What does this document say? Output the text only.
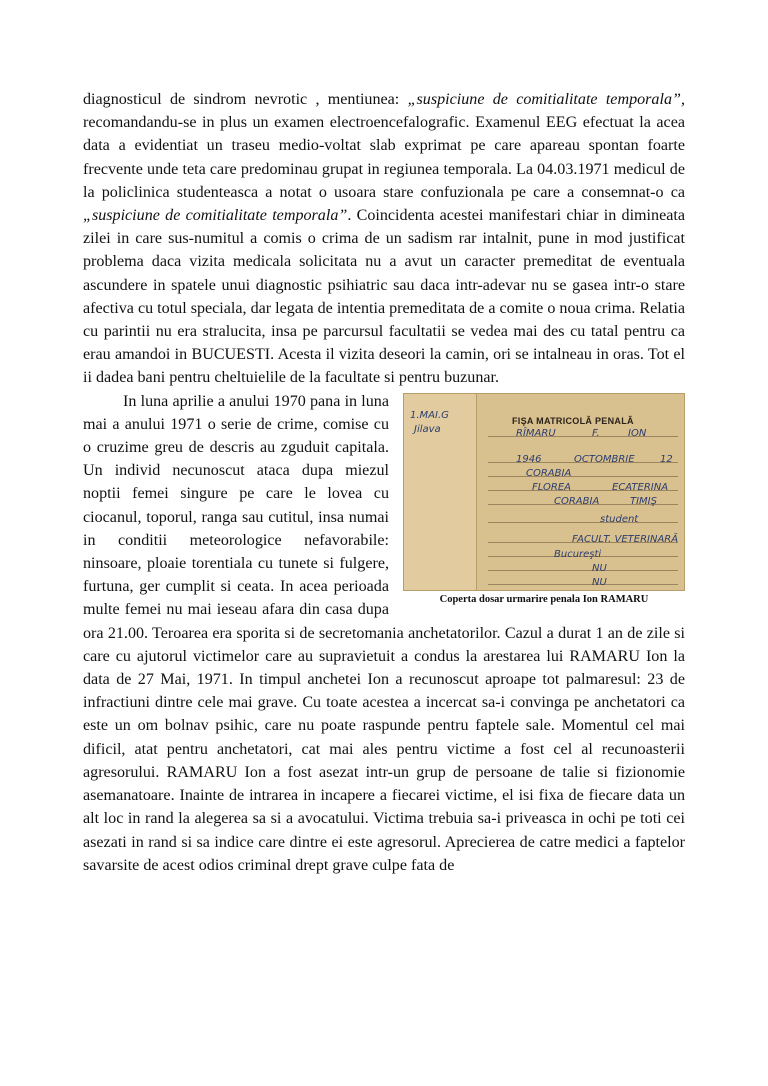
diagnosticul de sindrom nevrotic , mentiunea: „suspiciune de comitialitate temporala”, recomandandu-se in plus un examen electroencefalografic. Examenul EEG efectuat la acea data a evidentiat un traseu medio-voltat slab exprimat pe care apareau spontan foarte frecvente unde teta care predominau grupat in regiunea temporala. La 04.03.1971 medicul de la policlinica studenteasca a notat o usoara stare confuzionala pe care a consemnat-o ca „suspiciune de comitialitate temporala”. Coincidenta acestei manifestari chiar in dimineata zilei in care sus-numitul a comis o crima de un sadism rar intalnit, pune in mod justificat problema daca vizita medicala solicitata nu a avut un caracter premeditat de eventuala ascundere in spatele unui diagnostic psihiatric sau daca intr-adevar nu se gasea intr-o stare afectiva cu totul speciala, dar legata de intentia premeditata de a comite o noua crima. Relatia cu parintii nu era stralucita, insa pe parcursul facultatii se vedea mai des cu tatal pentru ca erau amandoi in BUCUESTI. Acesta il vizita deseori la camin, ori se intalneau in oras. Tot el ii dadea bani pentru cheltuielile de la facultate si pentru buzunar.

1.MAI.G
Jilava
FIŞA MATRICOLĂ PENALĂ
RÎMARU	F.	ION
1946	OCTOMBRIE	12
CORABIA
FLOREA	ECATERINA
CORABIA	TIMIŞ
student
FACULT. VETERINARĂ
Bucureşti
NU
NU
Coperta dosar urmarire penala Ion RAMARU

In luna aprilie a anului 1970 pana in luna mai a anului 1971 o serie de crime, comise cu o cruzime greu de descris au zguduit capitala. Un individ necunoscut ataca dupa miezul noptii femei singure pe care le lovea cu ciocanul, toporul, ranga sau cutitul, insa numai in conditii meteorologice nefavorabile: ninsoare, ploaie torentiala cu tunete si fulgere, furtuna, ger cumplit si ceata. In acea perioada multe femei nu mai ieseau afara din casa dupa ora 21.00. Teroarea era sporita si de secretomania anchetatorilor. Cazul a durat 1 an de zile si care cu ajutorul victimelor care au supravietuit a condus la arestarea lui RAMARU Ion la data de 27 Mai, 1971. In timpul anchetei Ion a recunoscut aproape tot palmaresul: 23 de infractiuni dintre cele mai grave. Cu toate acestea a incercat sa-i convinga pe anchetatori ca este un om bolnav psihic, care nu poate raspunde pentru faptele sale. Momentul cel mai dificil, atat pentru anchetatori, cat mai ales pentru victime a fost cel al recunoasterii agresorului. RAMARU Ion a fost asezat intr-un grup de persoane de talie si fizionomie asemanatoare. Inainte de intrarea in incapere a fiecarei victime, el isi fixa de fiecare data un alt loc in rand la alegerea sa si a avocatului. Victima trebuia sa-i priveasca in ochi pe toti cei asezati in rand si sa indice care dintre ei este agresorul. Aprecierea de catre medici a faptelor savarsite de acest odios criminal drept grave culpe fata de
